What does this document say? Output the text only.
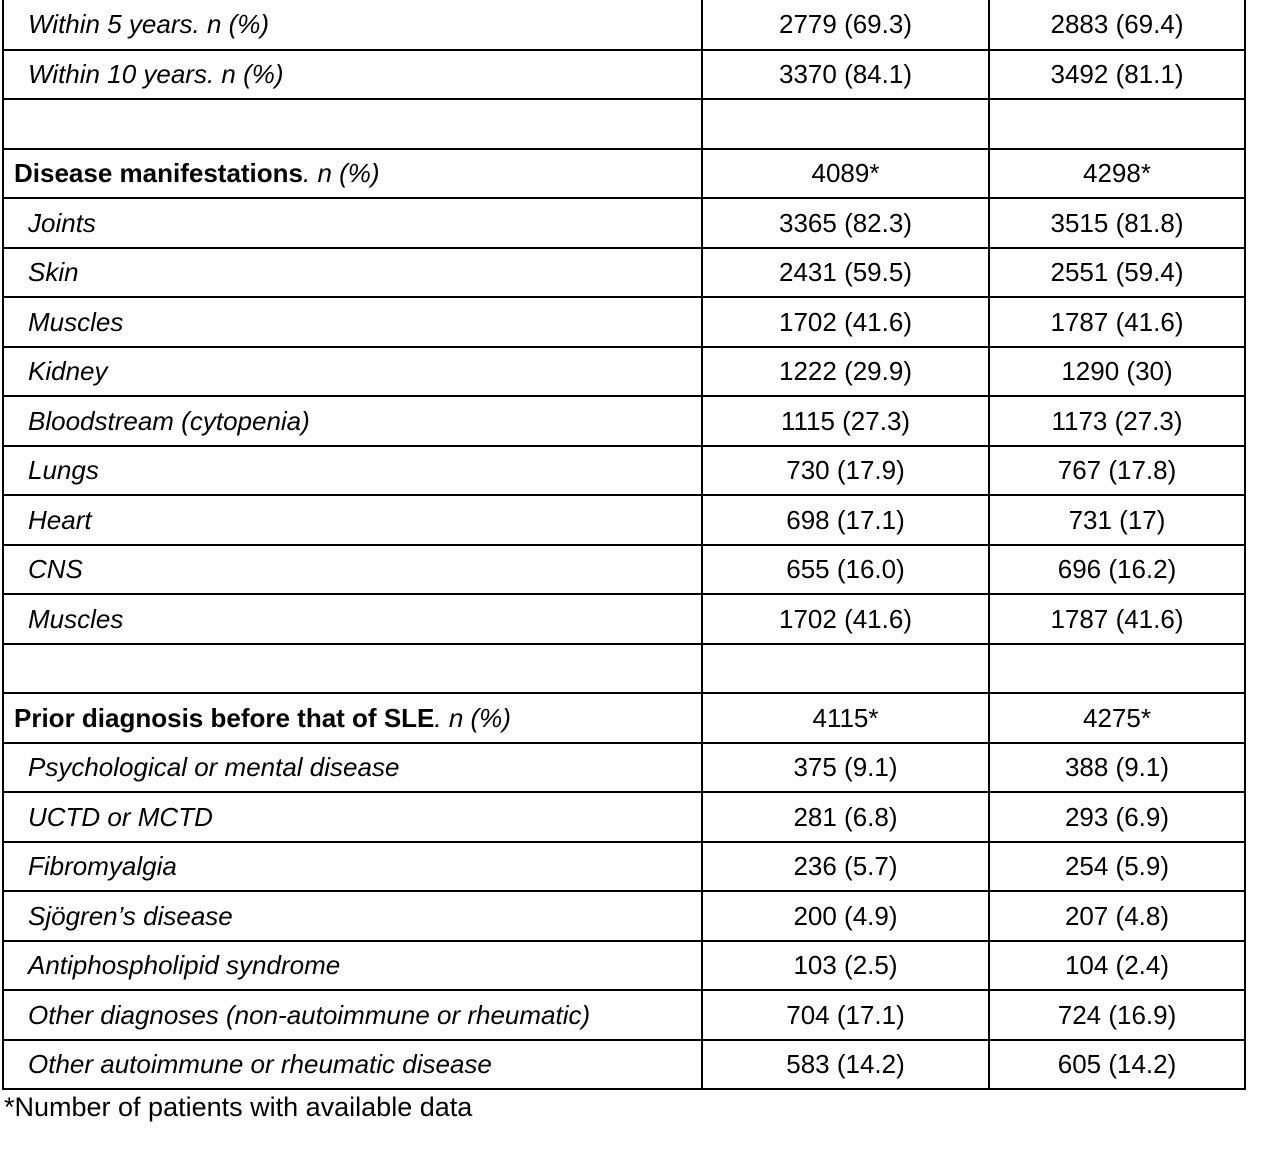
Within 5 years. n (%)	2779 (69.3)	2883 (69.4)
Within 10 years. n (%)	3370 (84.1)	3492 (81.1)

Disease manifestations. n (%)	4089*	4298*
Joints	3365 (82.3)	3515 (81.8)
Skin	2431 (59.5)	2551 (59.4)
Muscles	1702 (41.6)	1787 (41.6)
Kidney	1222 (29.9)	1290 (30)
Bloodstream (cytopenia)	1115 (27.3)	1173 (27.3)
Lungs	730 (17.9)	767 (17.8)
Heart	698 (17.1)	731 (17)
CNS	655 (16.0)	696 (16.2)
Muscles	1702 (41.6)	1787 (41.6)

Prior diagnosis before that of SLE. n (%)	4115*	4275*
Psychological or mental disease	375 (9.1)	388 (9.1)
UCTD or MCTD	281 (6.8)	293 (6.9)
Fibromyalgia	236 (5.7)	254 (5.9)
Sjögren’s disease	200 (4.9)	207 (4.8)
Antiphospholipid syndrome	103 (2.5)	104 (2.4)
Other diagnoses (non-autoimmune or rheumatic)	704 (17.1)	724 (16.9)
Other autoimmune or rheumatic disease	583 (14.2)	605 (14.2)
*Number of patients with available data
